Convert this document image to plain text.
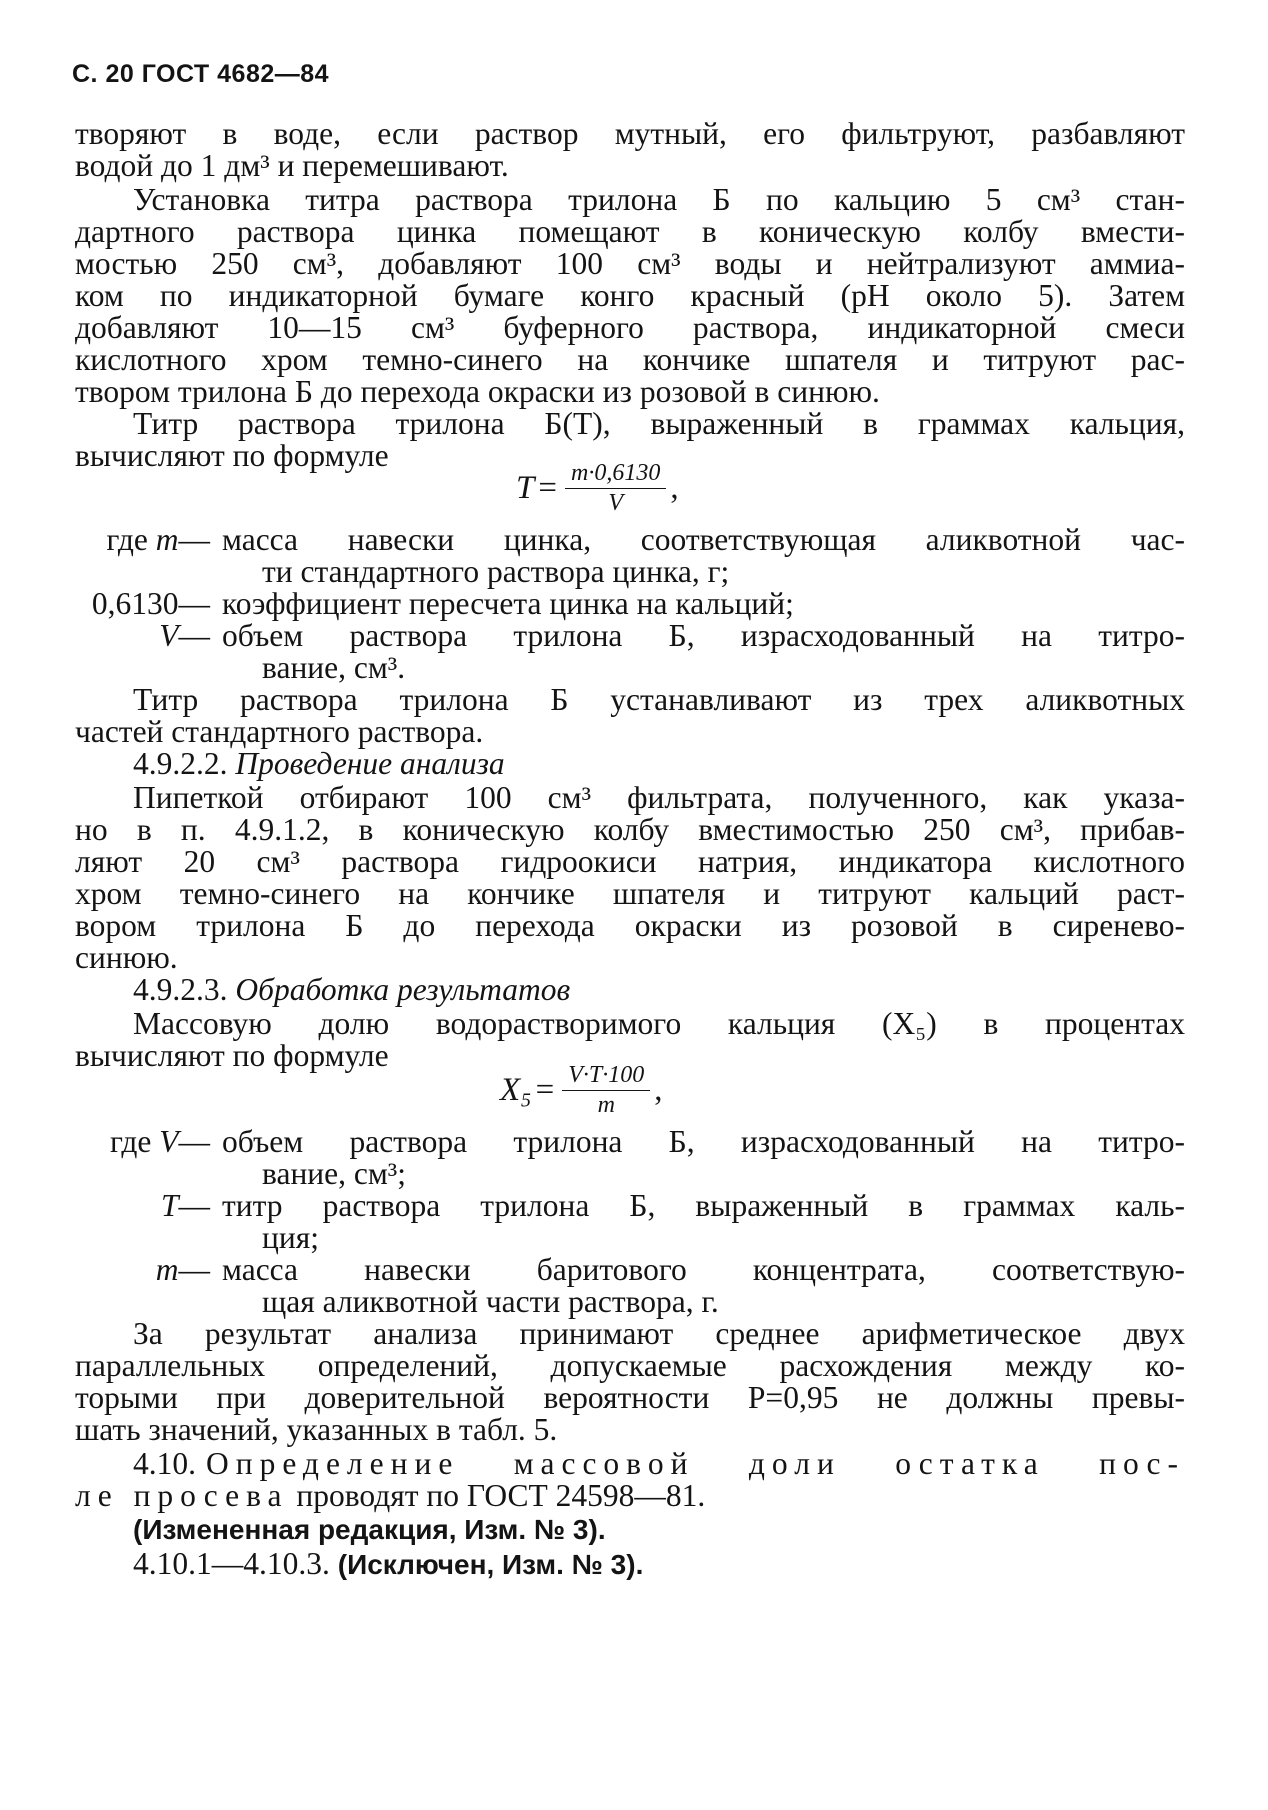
С. 20 ГОСТ 4682—84
творяют в воде, если раствор мутный, его фильтруют, разбавляют
водой до 1 дм³ и перемешивают.
Установка титра раствора трилона Б по кальцию 5 см³ стан-
дартного раствора цинка помещают в коническую колбу вмести-
мостью 250 см³, добавляют 100 см³ воды и нейтрализуют аммиа-
ком по индикаторной бумаге конго красный (pH около 5). Затем
добавляют 10—15 см³ буферного раствора, индикаторной смеси
кислотного хром темно-синего на кончике шпателя и титруют рас-
твором трилона Б до перехода окраски из розовой в синюю.
Титр раствора трилона Б(T), выраженный в граммах кальция,
вычисляют по формуле
$T = \frac{m\cdot 0,6130}{V}$ ,
где m— масса навески цинка, соответствующая аликвотной час-
ти стандартного раствора цинка, г;
0,6130— коэффициент пересчета цинка на кальций;
V— объем раствора трилона Б, израсходованный на титро-
вание, см³.
Титр раствора трилона Б устанавливают из трех аликвотных
частей стандартного раствора.
4.9.2.2. Проведение анализа
Пипеткой отбирают 100 см³ фильтрата, полученного, как указа-
но в п. 4.9.1.2, в коническую колбу вместимостью 250 см³, прибав-
ляют 20 см³ раствора гидроокиси натрия, индикатора кислотного
хром темно-синего на кончике шпателя и титруют кальций раст-
вором трилона Б до перехода окраски из розовой в сиренево-
синюю.
4.9.2.3. Обработка результатов
Массовую долю водорастворимого кальция (X₅) в процентах
вычисляют по формуле
$X_5 = \frac{V\cdot T\cdot 100}{m}$ ,
где V— объем раствора трилона Б, израсходованный на титро-
вание, см³;
T— титр раствора трилона Б, выраженный в граммах каль-
ция;
m— масса навески баритового концентрата, соответствую-
щая аликвотной части раствора, г.
За результат анализа принимают среднее арифметическое двух
параллельных определений, допускаемые расхождения между ко-
торыми при доверительной вероятности P=0,95 не должны превы-
шать значений, указанных в табл. 5.
4.10. Определение массовой доли остатка пос-
ле просева проводят по ГОСТ 24598—81.
(Измененная редакция, Изм. № 3).
4.10.1—4.10.3. (Исключен, Изм. № 3).
